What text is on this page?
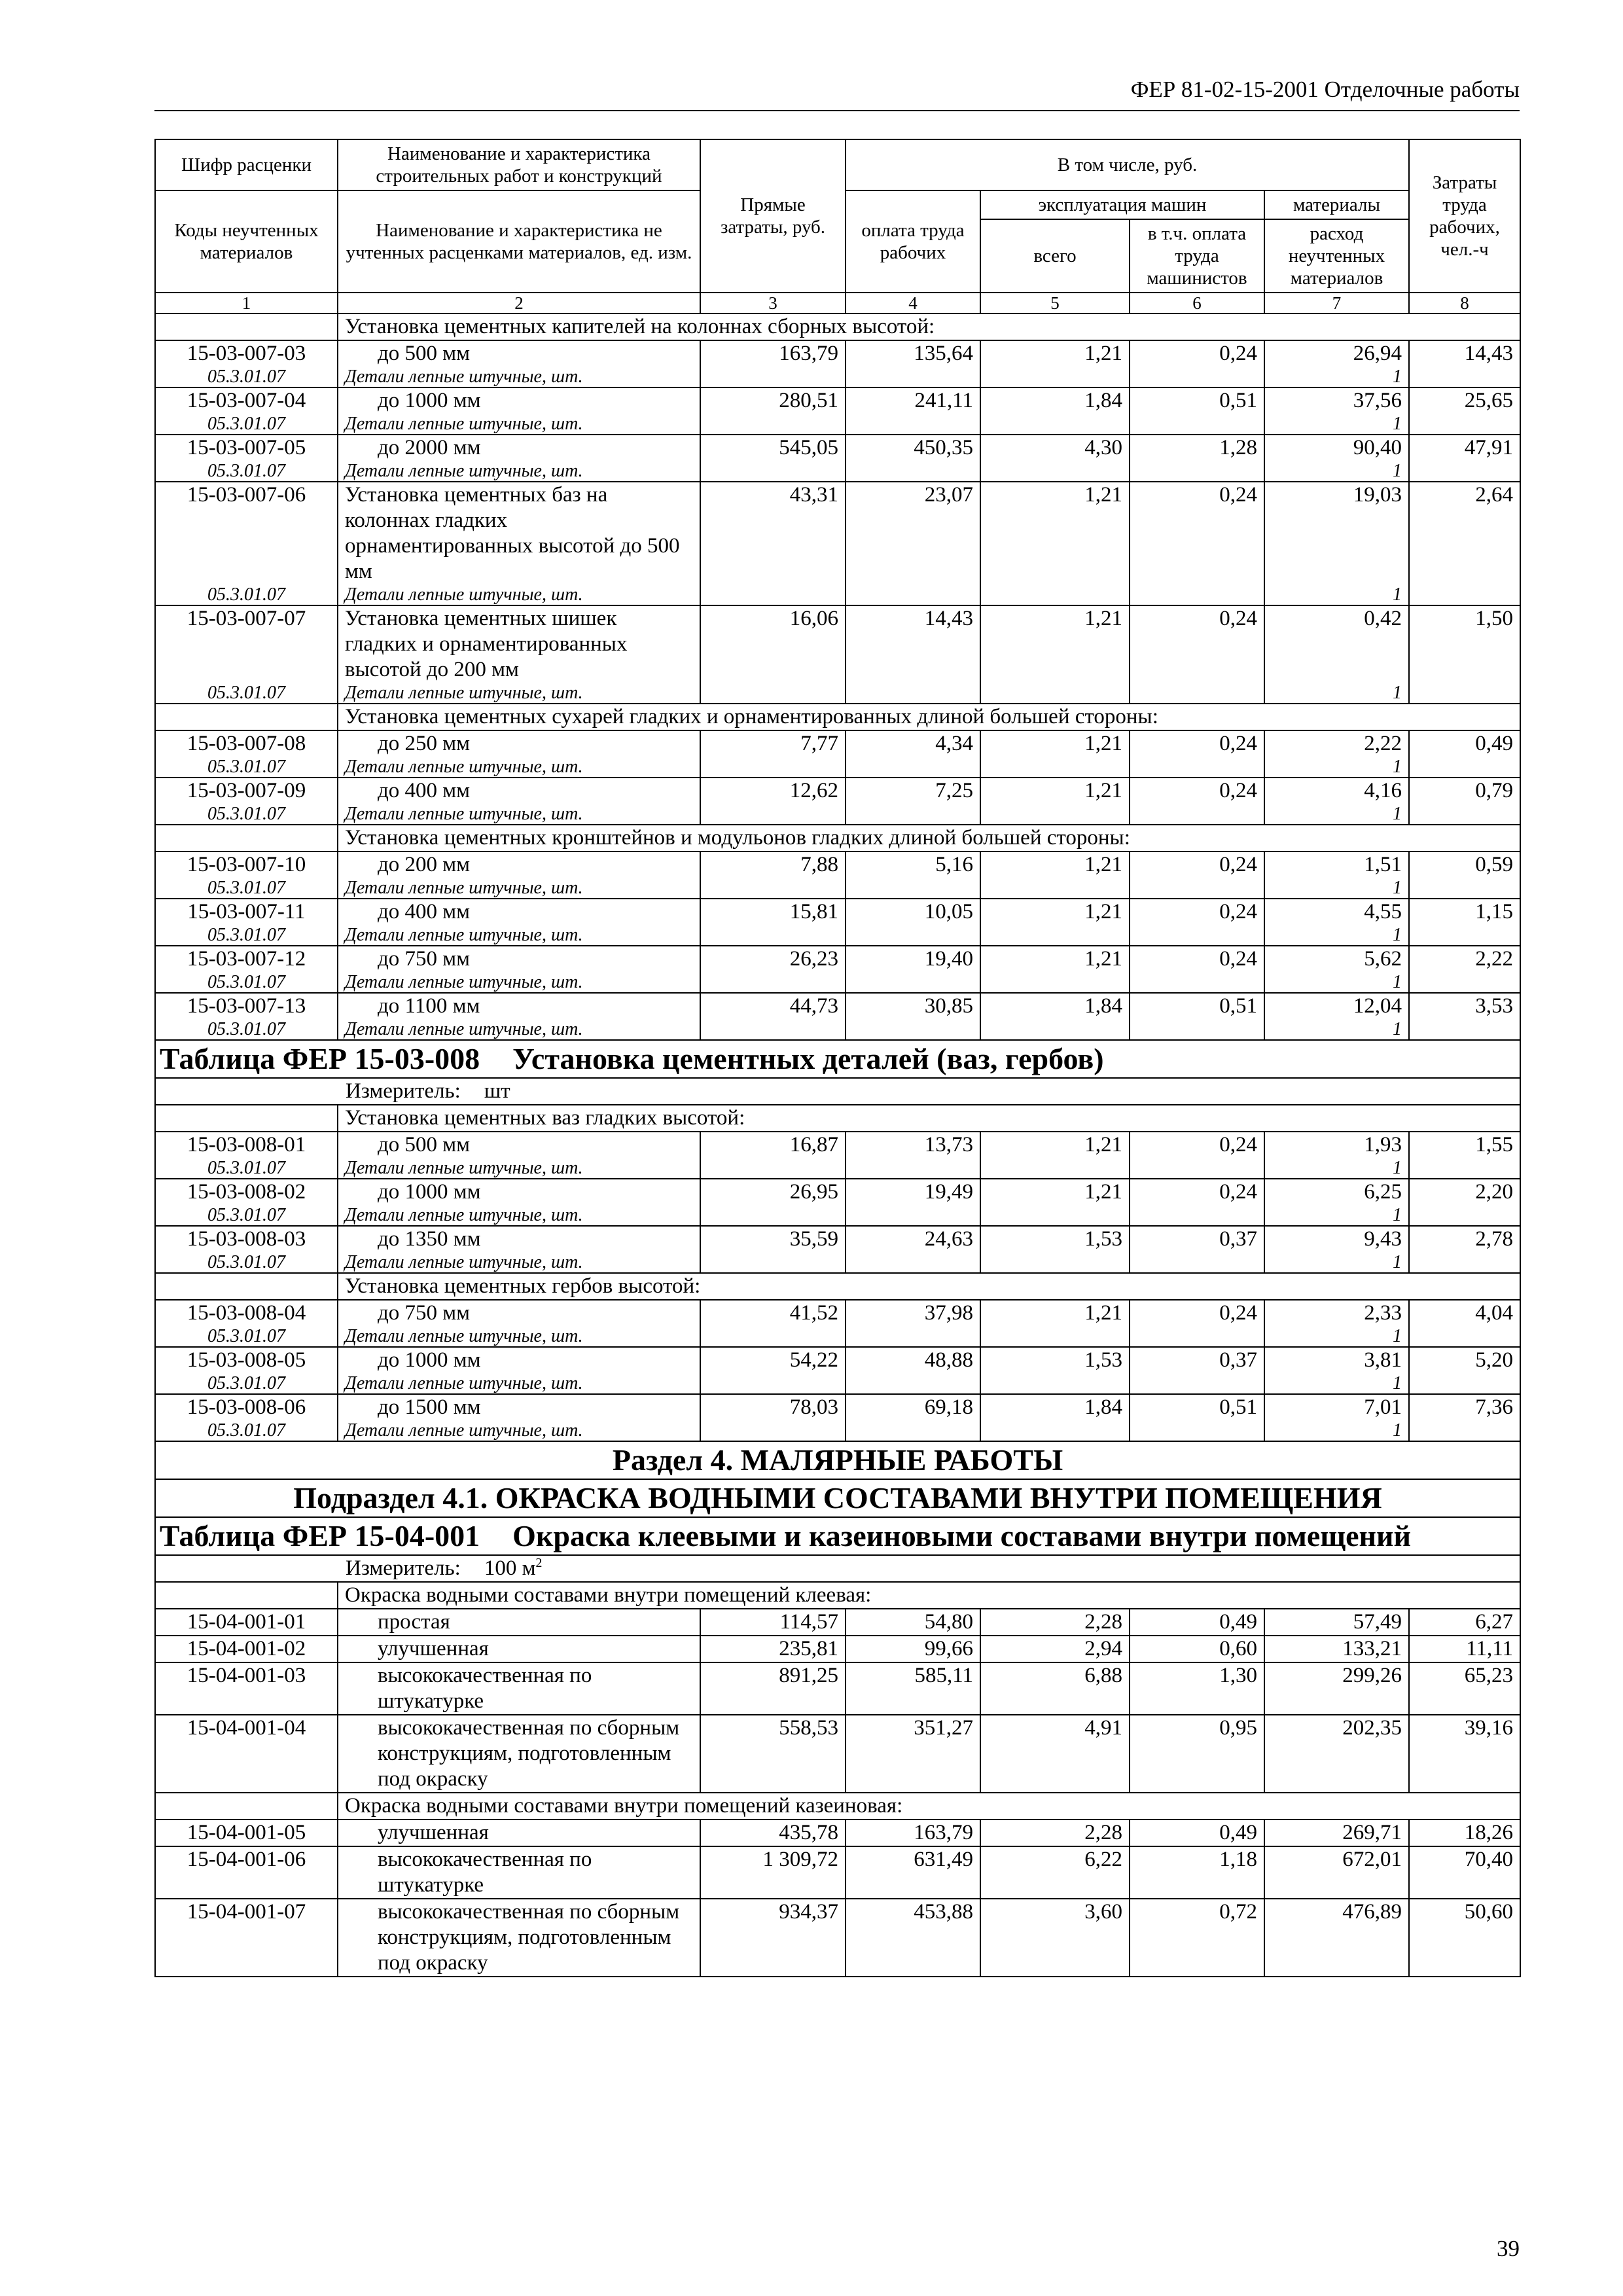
ФЕР 81-02-15-2001 Отделочные работы
Шифр расценки	Наименование и характеристика строительных работ и конструкций	Прямые затраты, руб.	В том числе, руб.				Затраты труда рабочих, чел.-ч
Коды неучтенных материалов	Наименование и характеристика не учтенных расценками материалов, ед. изм.		оплата труда рабочих	эксплуатация машин		материалы	
				всего	в т.ч. оплата труда машинистов	расход неучтенных материалов	
1	2	3	4	5	6	7	8
	Установка цементных капителей на колоннах сборных высотой:						
15-03-007-03	до 500 мм	163,79	135,64	1,21	0,24	26,94	14,43
05.3.01.07	Детали лепные штучные, шт.					1	
15-03-007-04	до 1000 мм	280,51	241,11	1,84	0,51	37,56	25,65
05.3.01.07	Детали лепные штучные, шт.					1	
15-03-007-05	до 2000 мм	545,05	450,35	4,30	1,28	90,40	47,91
05.3.01.07	Детали лепные штучные, шт.					1	
15-03-007-06	Установка цементных баз на колоннах гладких орнаментированных высотой до 500 мм	43,31	23,07	1,21	0,24	19,03	2,64
05.3.01.07	Детали лепные штучные, шт.					1	
15-03-007-07	Установка цементных шишек гладких и орнаментированных высотой до 200 мм	16,06	14,43	1,21	0,24	0,42	1,50
05.3.01.07	Детали лепные штучные, шт.					1	
	Установка цементных сухарей гладких и орнаментированных длиной большей стороны:						
15-03-007-08	до 250 мм	7,77	4,34	1,21	0,24	2,22	0,49
05.3.01.07	Детали лепные штучные, шт.					1	
15-03-007-09	до 400 мм	12,62	7,25	1,21	0,24	4,16	0,79
05.3.01.07	Детали лепные штучные, шт.					1	
	Установка цементных кронштейнов и модульонов гладких длиной большей стороны:						
15-03-007-10	до 200 мм	7,88	5,16	1,21	0,24	1,51	0,59
05.3.01.07	Детали лепные штучные, шт.					1	
15-03-007-11	до 400 мм	15,81	10,05	1,21	0,24	4,55	1,15
05.3.01.07	Детали лепные штучные, шт.					1	
15-03-007-12	до 750 мм	26,23	19,40	1,21	0,24	5,62	2,22
05.3.01.07	Детали лепные штучные, шт.					1	
15-03-007-13	до 1100 мм	44,73	30,85	1,84	0,51	12,04	3,53
05.3.01.07	Детали лепные штучные, шт.					1	
Таблица ФЕР 15-03-008 Установка цементных деталей (ваз, гербов)							
Измеритель: шт							
	Установка цементных ваз гладких высотой:						
15-03-008-01	до 500 мм	16,87	13,73	1,21	0,24	1,93	1,55
05.3.01.07	Детали лепные штучные, шт.					1	
15-03-008-02	до 1000 мм	26,95	19,49	1,21	0,24	6,25	2,20
05.3.01.07	Детали лепные штучные, шт.					1	
15-03-008-03	до 1350 мм	35,59	24,63	1,53	0,37	9,43	2,78
05.3.01.07	Детали лепные штучные, шт.					1	
	Установка цементных гербов высотой:						
15-03-008-04	до 750 мм	41,52	37,98	1,21	0,24	2,33	4,04
05.3.01.07	Детали лепные штучные, шт.					1	
15-03-008-05	до 1000 мм	54,22	48,88	1,53	0,37	3,81	5,20
05.3.01.07	Детали лепные штучные, шт.					1	
15-03-008-06	до 1500 мм	78,03	69,18	1,84	0,51	7,01	7,36
05.3.01.07	Детали лепные штучные, шт.					1	
Раздел 4. МАЛЯРНЫЕ РАБОТЫ							
Подраздел 4.1. ОКРАСКА ВОДНЫМИ СОСТАВАМИ ВНУТРИ ПОМЕЩЕНИЯ							
Таблица ФЕР 15-04-001 Окраска клеевыми и казеиновыми составами внутри помещений							
Измеритель: 100 $м^2$
	Окраска водными составами внутри помещений клеевая:						
15-04-001-01	простая	114,57	54,80	2,28	0,49	57,49	6,27
15-04-001-02	улучшенная	235,81	99,66	2,94	0,60	133,21	11,11
15-04-001-03	высококачественная по штукатурке	891,25	585,11	6,88	1,30	299,26	65,23
15-04-001-04	высококачественная по сборным конструкциям, подготовленным под окраску	558,53	351,27	4,91	0,95	202,35	39,16
	Окраска водными составами внутри помещений казеиновая:						
15-04-001-05	улучшенная	435,78	163,79	2,28	0,49	269,71	18,26
15-04-001-06	высококачественная по штукатурке	1 309,72	631,49	6,22	1,18	672,01	70,40
15-04-001-07	высококачественная по сборным конструкциям, подготовленным под окраску	934,37	453,88	3,60	0,72	476,89	50,60
39
